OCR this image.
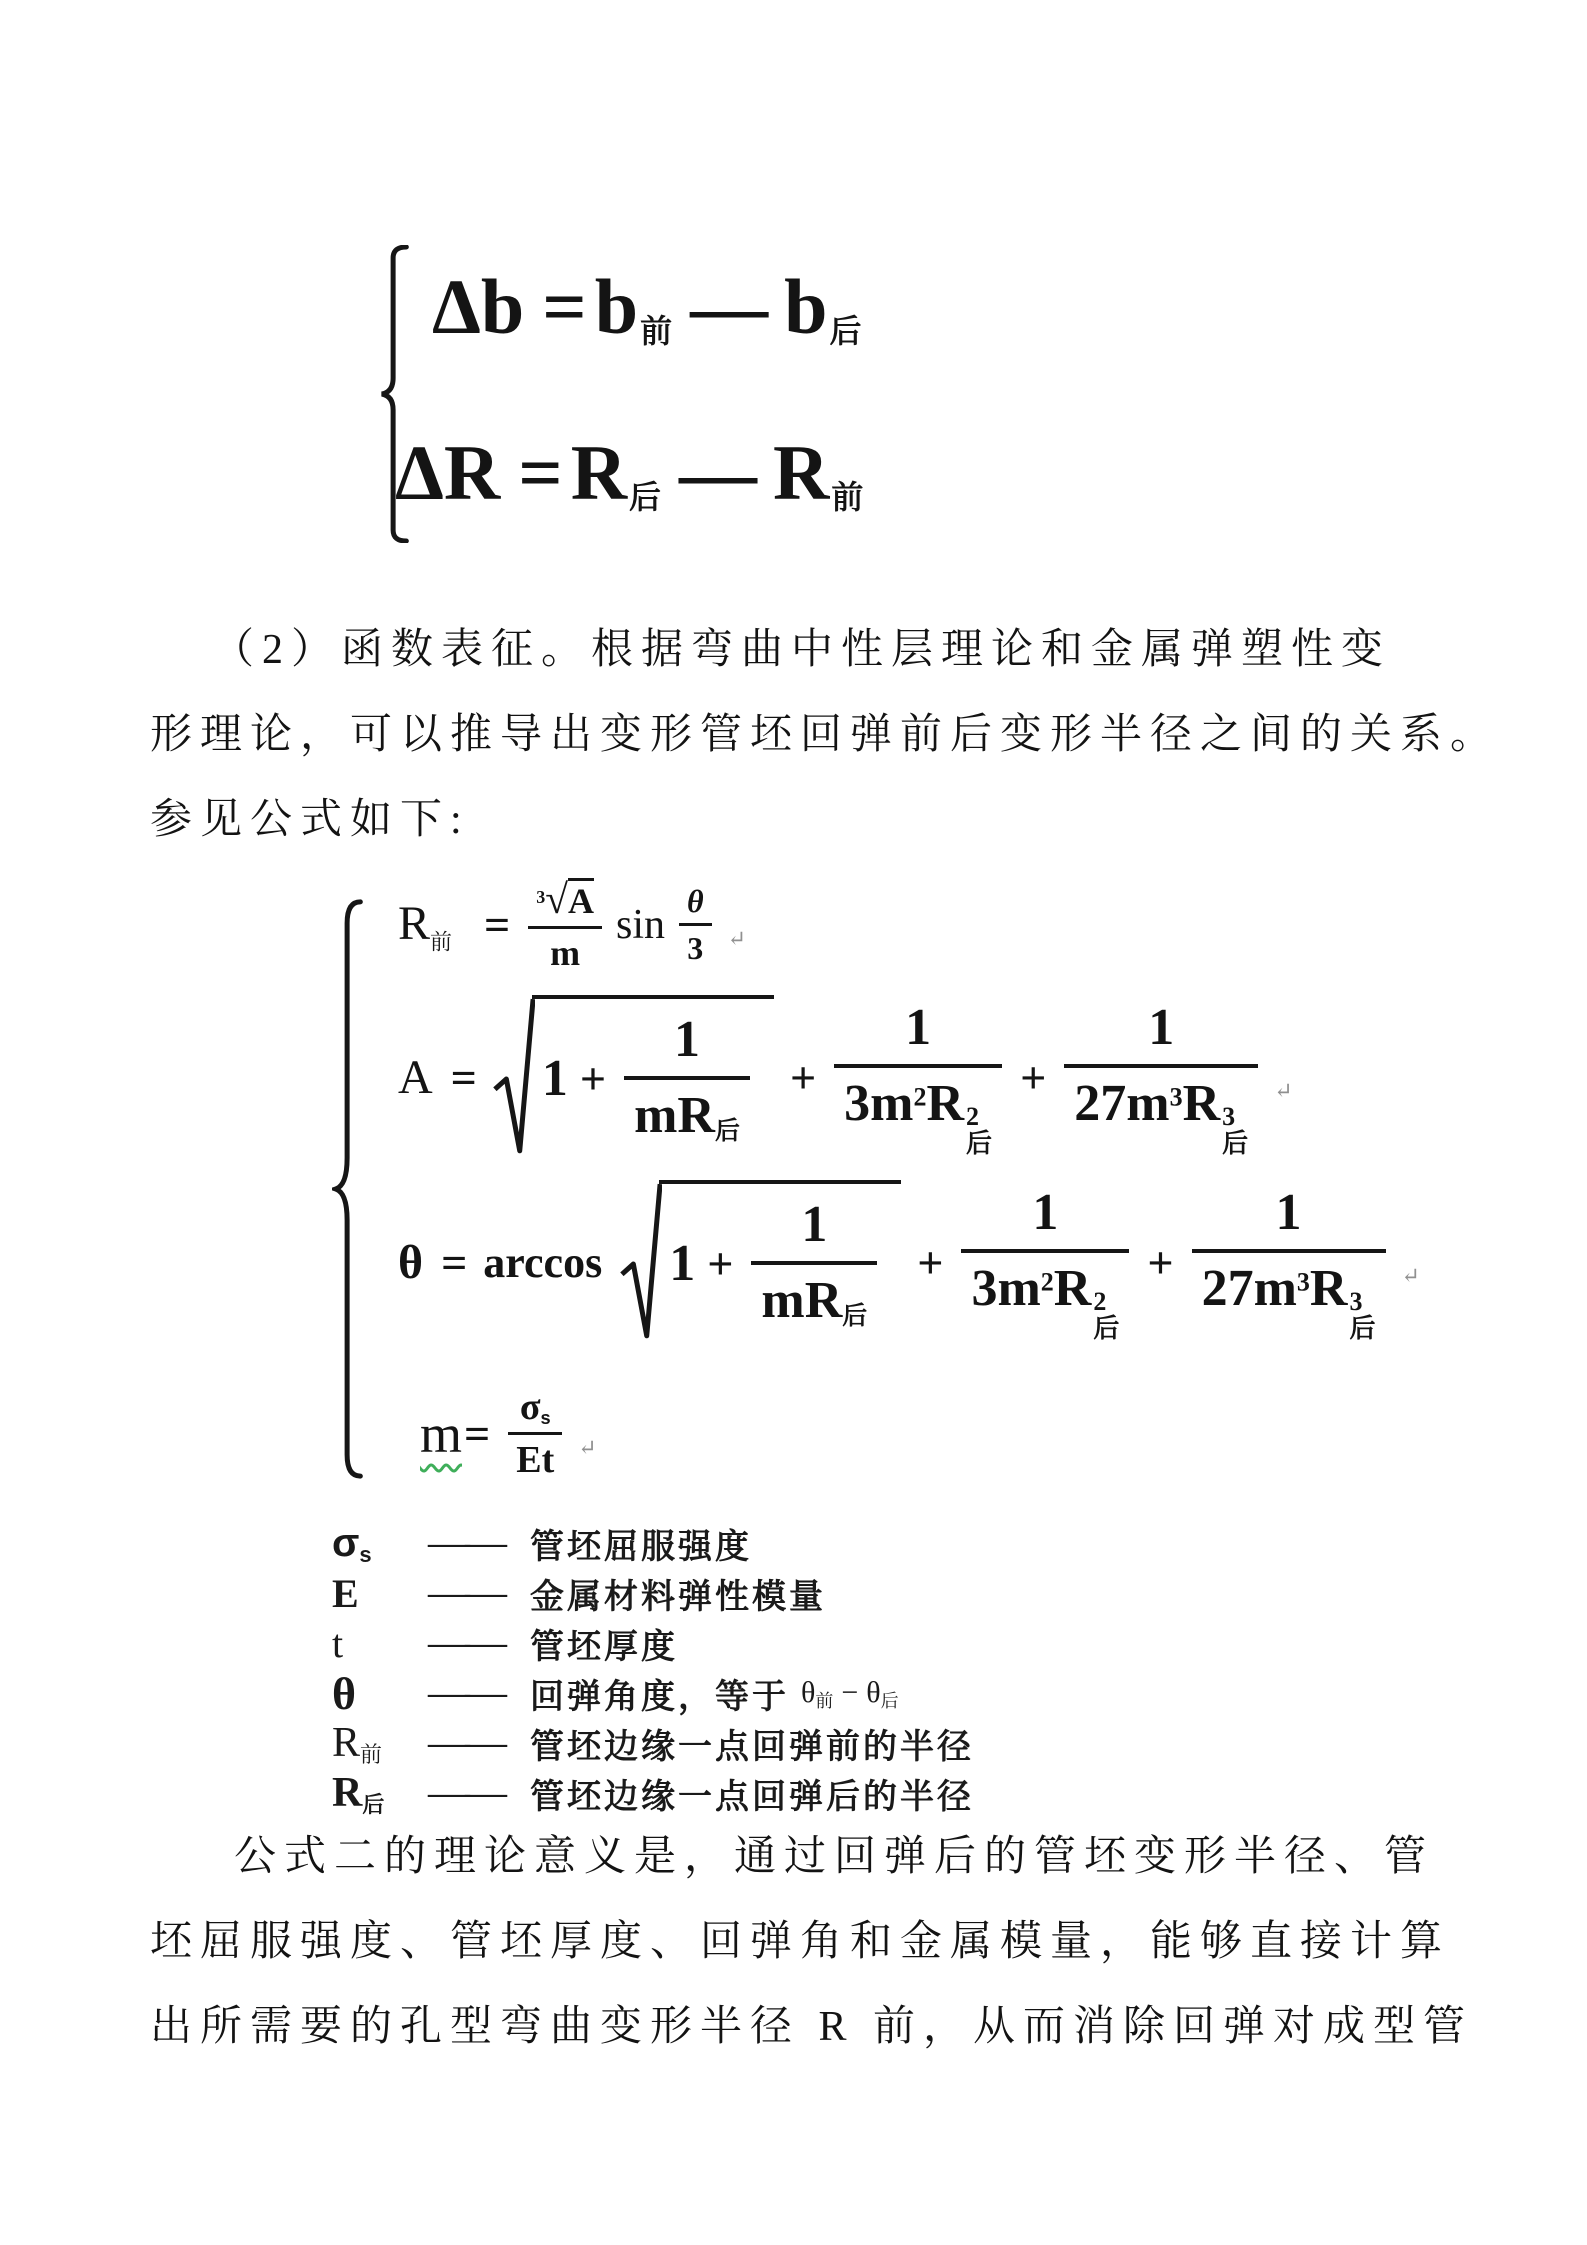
Δb = b 前 — b 后
ΔR = R 后 — R 前
（2）函数表征。根据弯曲中性层理论和金属弹塑性变
形理论，可以推导出变形管坯回弹前后变形半径之间的关系。
参见公式如下:
$R_前 = \frac{3 √ A}{m}$ $\sin \frac{\theta}{3}$ ↵
$A = 1 + \frac{1}{mR_后} + 1$
3m 2 R 2
后 + 1
27m 3 R 3
后 ↵
$\theta = \arccos 1 + \frac{1}{mR_后} + 1$
3m 2 R 2
后 + 1
27m 3 R 3
后 ↵
$m = \frac{\sigma_s}{Et}$ ↵
$\sigma_s$ —— 管坯屈服强度
E —— 金属材料弹性模量
t —— 管坯厚度
θ —— 回弹角度，等于 $\theta_前 - \theta_后$
$R_前$ —— 管坯边缘一点回弹前的半径
$R_后$ —— 管坯边缘一点回弹后的半径
公式二的理论意义是，通过回弹后的管坯变形半径、管
坯屈服强度、管坯厚度、回弹角和金属模量，能够直接计算
出所需要的孔型弯曲变形半径 R 前，从而消除回弹对成型管
